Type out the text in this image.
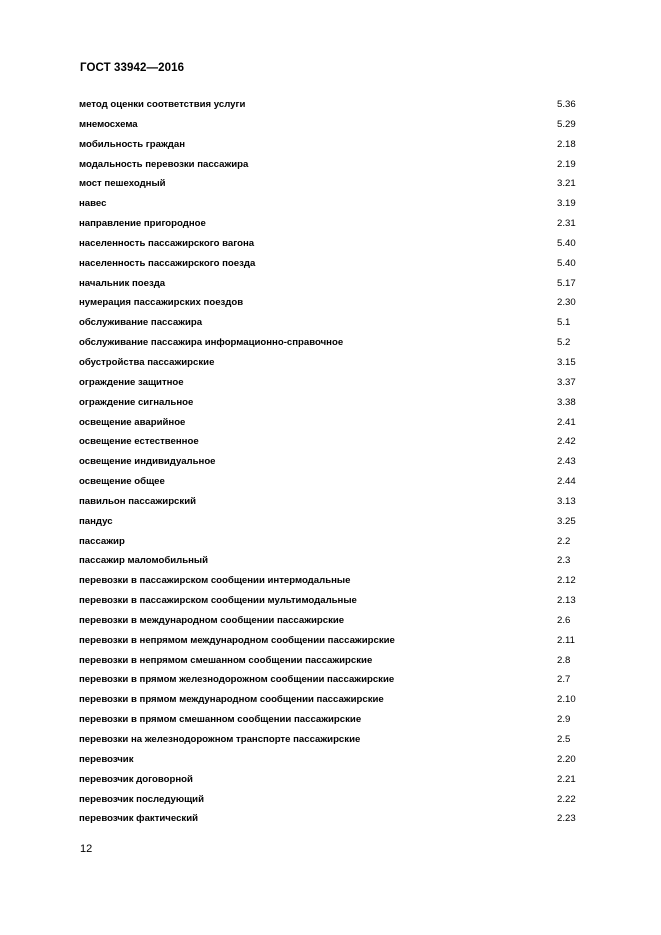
ГОСТ 33942—2016
метод оценки соответствия услуги	5.36
мнемосхема	5.29
мобильность граждан	2.18
модальность перевозки пассажира	2.19
мост пешеходный	3.21
навес	3.19
направление пригородное	2.31
населенность пассажирского вагона	5.40
населенность пассажирского поезда	5.40
начальник поезда	5.17
нумерация пассажирских поездов	2.30
обслуживание пассажира	5.1
обслуживание пассажира информационно-справочное	5.2
обустройства пассажирские	3.15
ограждение защитное	3.37
ограждение сигнальное	3.38
освещение аварийное	2.41
освещение естественное	2.42
освещение индивидуальное	2.43
освещение общее	2.44
павильон пассажирский	3.13
пандус	3.25
пассажир	2.2
пассажир маломобильный	2.3
перевозки в пассажирском сообщении интермодальные	2.12
перевозки в пассажирском сообщении мультимодальные	2.13
перевозки в международном сообщении пассажирские	2.6
перевозки в непрямом международном сообщении пассажирские	2.11
перевозки в непрямом смешанном сообщении пассажирские	2.8
перевозки в прямом железнодорожном сообщении пассажирские	2.7
перевозки в прямом международном сообщении пассажирские	2.10
перевозки в прямом смешанном сообщении пассажирские	2.9
перевозки на железнодорожном транспорте пассажирские	2.5
перевозчик	2.20
перевозчик договорной	2.21
перевозчик последующий	2.22
перевозчик фактический	2.23
12
